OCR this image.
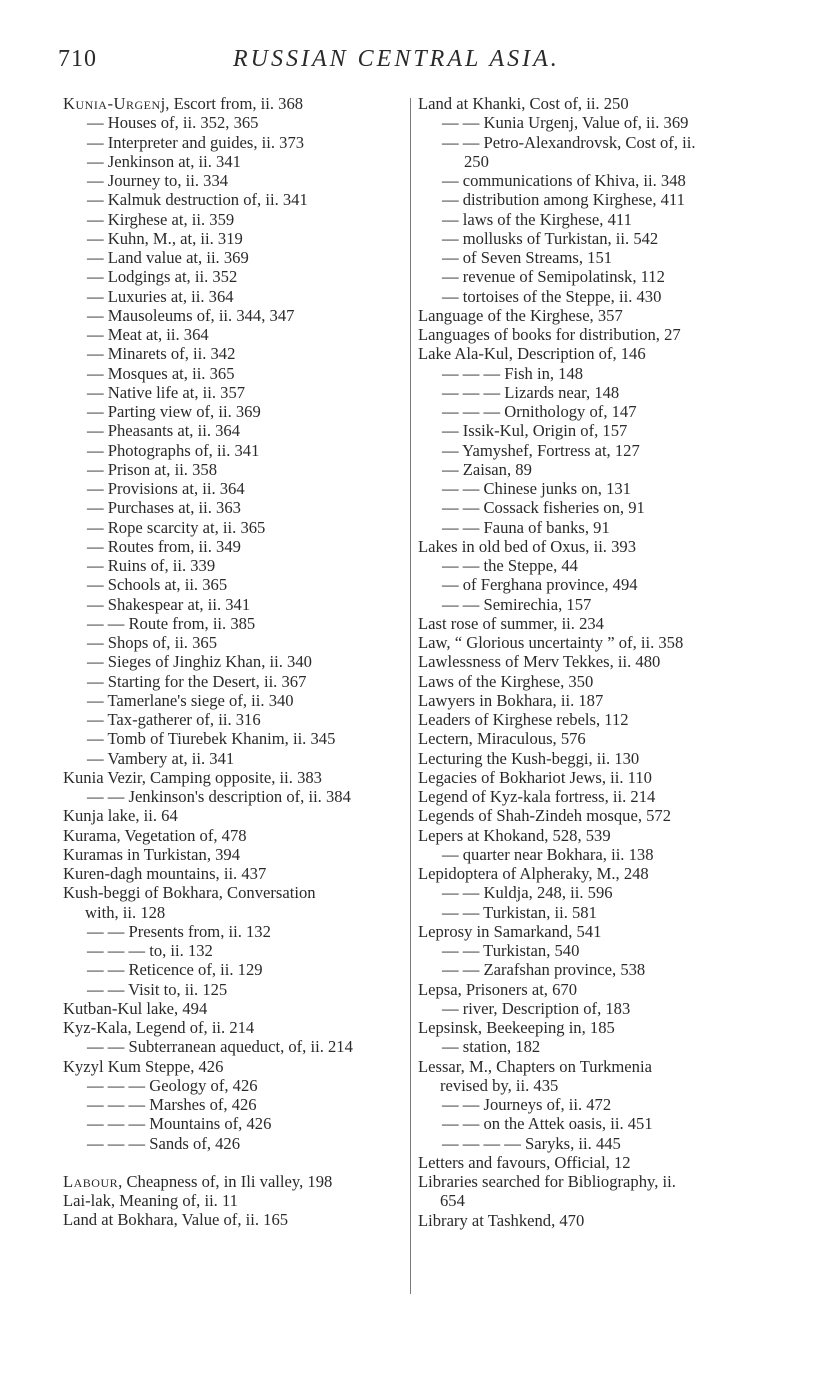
710	RUSSIAN CENTRAL ASIA.
Kunia-Urgenj, Escort from, ii. 368
— Houses of, ii. 352, 365
— Interpreter and guides, ii. 373
— Jenkinson at, ii. 341
— Journey to, ii. 334
— Kalmuk destruction of, ii. 341
— Kirghese at, ii. 359
— Kuhn, M., at, ii. 319
— Land value at, ii. 369
— Lodgings at, ii. 352
— Luxuries at, ii. 364
— Mausoleums of, ii. 344, 347
— Meat at, ii. 364
— Minarets of, ii. 342
— Mosques at, ii. 365
— Native life at, ii. 357
— Parting view of, ii. 369
— Pheasants at, ii. 364
— Photographs of, ii. 341
— Prison at, ii. 358
— Provisions at, ii. 364
— Purchases at, ii. 363
— Rope scarcity at, ii. 365
— Routes from, ii. 349
— Ruins of, ii. 339
— Schools at, ii. 365
— Shakespear at, ii. 341
— — Route from, ii. 385
— Shops of, ii. 365
— Sieges of Jinghiz Khan, ii. 340
— Starting for the Desert, ii. 367
— Tamerlane's siege of, ii. 340
— Tax-gatherer of, ii. 316
— Tomb of Tiurebek Khanim, ii. 345
— Vambery at, ii. 341
Kunia Vezir, Camping opposite, ii. 383
— — Jenkinson's description of, ii. 384
Kunja lake, ii. 64
Kurama, Vegetation of, 478
Kuramas in Turkistan, 394
Kuren-dagh mountains, ii. 437
Kush-beggi of Bokhara, Conversation
with, ii. 128
— — Presents from, ii. 132
— — — to, ii. 132
— — Reticence of, ii. 129
— — Visit to, ii. 125
Kutban-Kul lake, 494
Kyz-Kala, Legend of, ii. 214
— — Subterranean aqueduct, of, ii. 214
Kyzyl Kum Steppe, 426
— — — Geology of, 426
— — — Marshes of, 426
— — — Mountains of, 426
— — — Sands of, 426
Labour, Cheapness of, in Ili valley, 198
Lai-lak, Meaning of, ii. 11
Land at Bokhara, Value of, ii. 165
Land at Khanki, Cost of, ii. 250
— — Kunia Urgenj, Value of, ii. 369
— — Petro-Alexandrovsk, Cost of, ii.
250
— communications of Khiva, ii. 348
— distribution among Kirghese, 411
— laws of the Kirghese, 411
— mollusks of Turkistan, ii. 542
— of Seven Streams, 151
— revenue of Semipolatinsk, 112
— tortoises of the Steppe, ii. 430
Language of the Kirghese, 357
Languages of books for distribution, 27
Lake Ala-Kul, Description of, 146
— — — Fish in, 148
— — — Lizards near, 148
— — — Ornithology of, 147
— Issik-Kul, Origin of, 157
— Yamyshef, Fortress at, 127
— Zaisan, 89
— — Chinese junks on, 131
— — Cossack fisheries on, 91
— — Fauna of banks, 91
Lakes in old bed of Oxus, ii. 393
— — the Steppe, 44
— of Ferghana province, 494
— — Semirechia, 157
Last rose of summer, ii. 234
Law, “ Glorious uncertainty ” of, ii. 358
Lawlessness of Merv Tekkes, ii. 480
Laws of the Kirghese, 350
Lawyers in Bokhara, ii. 187
Leaders of Kirghese rebels, 112
Lectern, Miraculous, 576
Lecturing the Kush-beggi, ii. 130
Legacies of Bokhariot Jews, ii. 110
Legend of Kyz-kala fortress, ii. 214
Legends of Shah-Zindeh mosque, 572
Lepers at Khokand, 528, 539
— quarter near Bokhara, ii. 138
Lepidoptera of Alpheraky, M., 248
— — Kuldja, 248, ii. 596
— — Turkistan, ii. 581
Leprosy in Samarkand, 541
— — Turkistan, 540
— — Zarafshan province, 538
Lepsa, Prisoners at, 670
— river, Description of, 183
Lepsinsk, Beekeeping in, 185
— station, 182
Lessar, M., Chapters on Turkmenia
revised by, ii. 435
— — Journeys of, ii. 472
— — on the Attek oasis, ii. 451
— — — — Saryks, ii. 445
Letters and favours, Official, 12
Libraries searched for Bibliography, ii.
654
Library at Tashkend, 470
